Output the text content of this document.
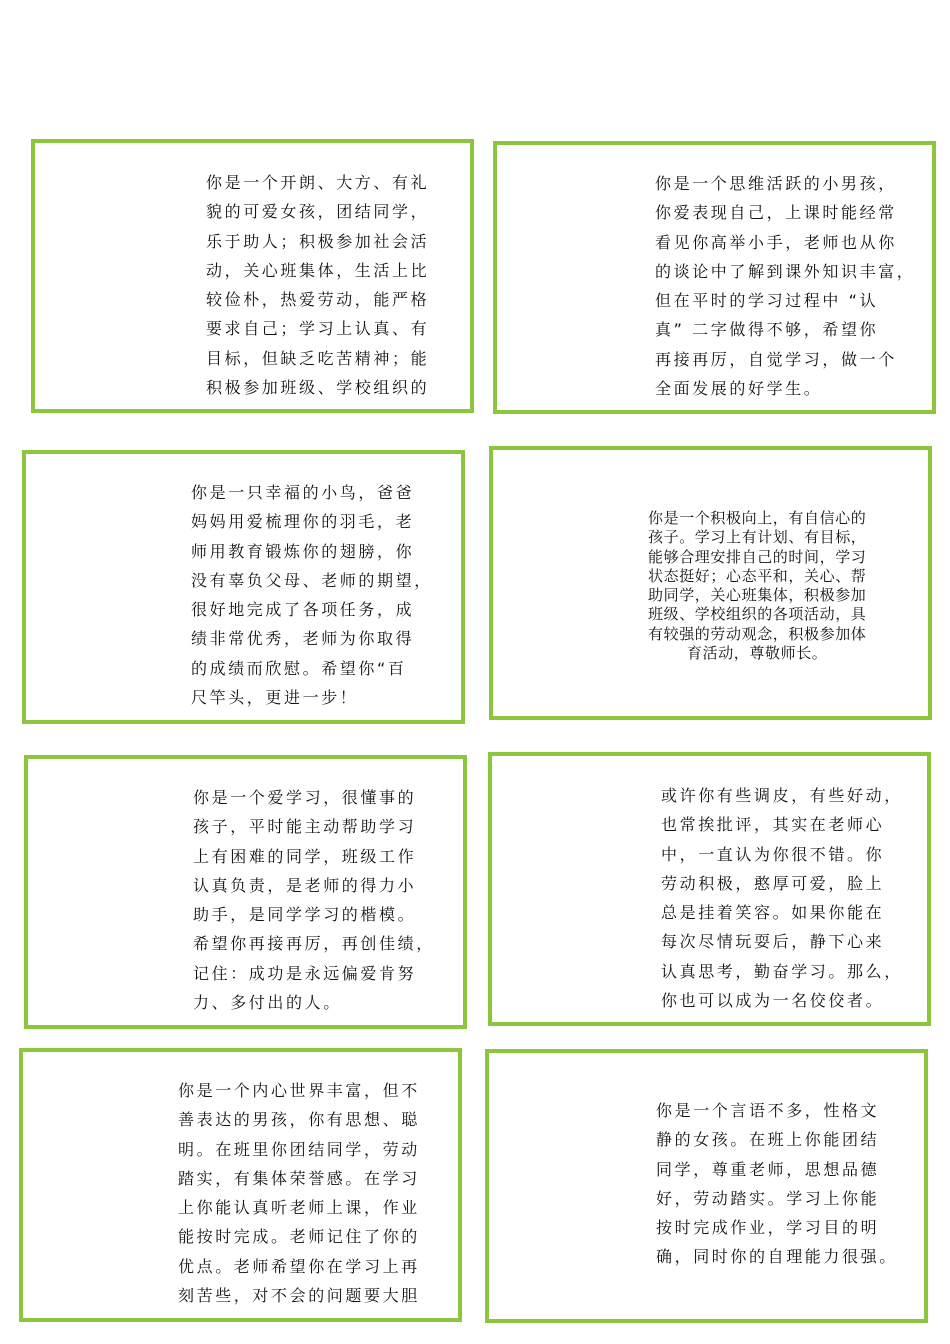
你是一个开朗、大方、有礼
貌的可爱女孩，团结同学，
乐于助人；积极参加社会活
动，关心班集体，生活上比
较俭朴，热爱劳动，能严格
要求自己；学习上认真、有
目标，但缺乏吃苦精神；能
积极参加班级、学校组织的

你是一个思维活跃的小男孩，
你爱表现自己，上课时能经常
看见你高举小手，老师也从你
的谈论中了解到课外知识丰富，
但在平时的学习过程中 “认
真” 二字做得不够，希望你
再接再厉，自觉学习，做一个
全面发展的好学生。

你是一只幸福的小鸟，爸爸
妈妈用爱梳理你的羽毛，老
师用教育锻炼你的翅膀，你
没有辜负父母、老师的期望，
很好地完成了各项任务，成
绩非常优秀，老师为你取得
的成绩而欣慰。希望你“百
尺竿头，更进一步！

你是一个积极向上，有自信心的
孩子。学习上有计划、有目标，
能够合理安排自己的时间，学习
状态挺好；心态平和，关心、帮
助同学，关心班集体，积极参加
班级、学校组织的各项活动，具
有较强的劳动观念，积极参加体
育活动，尊敬师长。

你是一个爱学习，很懂事的
孩子，平时能主动帮助学习
上有困难的同学，班级工作
认真负责，是老师的得力小
助手，是同学学习的楷模。
希望你再接再厉，再创佳绩，
记住：成功是永远偏爱肯努
力、多付出的人。

或许你有些调皮，有些好动，
也常挨批评，其实在老师心
中，一直认为你很不错。你
劳动积极，憨厚可爱，脸上
总是挂着笑容。如果你能在
每次尽情玩耍后，静下心来
认真思考，勤奋学习。那么，
你也可以成为一名佼佼者。

你是一个内心世界丰富，但不
善表达的男孩，你有思想、聪
明。在班里你团结同学，劳动
踏实，有集体荣誉感。在学习
上你能认真听老师上课，作业
能按时完成。老师记住了你的
优点。老师希望你在学习上再
刻苦些，对不会的问题要大胆

你是一个言语不多，性格文
静的女孩。在班上你能团结
同学，尊重老师，思想品德
好，劳动踏实。学习上你能
按时完成作业，学习目的明
确，同时你的自理能力很强。
